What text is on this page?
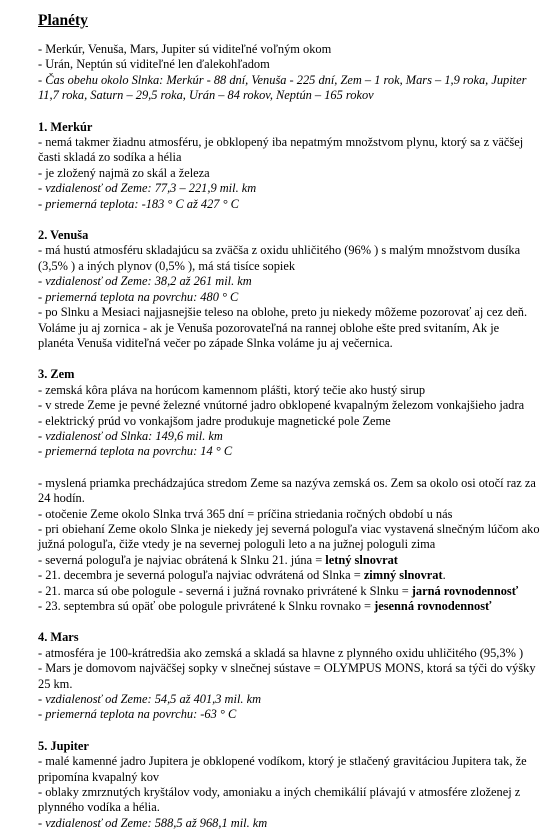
Planéty
- Merkúr, Venuša, Mars, Jupiter sú viditeľné voľným okom
- Urán, Neptún sú viditeľné len ďalekohľadom
- Čas obehu okolo Slnka: Merkúr - 88 dní, Venuša - 225 dní, Zem – 1 rok, Mars – 1,9 roka, Jupiter
11,7 roka, Saturn – 29,5 roka, Urán – 84 rokov, Neptún – 165 rokov
1. Merkúr
- nemá takmer žiadnu atmosféru, je obklopený iba nepatmým množstvom plynu, ktorý sa z väčšej
časti skladá zo sodíka a hélia
- je zložený najmä zo skál a železa
- vzdialenosť od Zeme: 77,3 – 221,9 mil. km
- priemerná teplota: -183 ° C až 427 ° C
2. Venuša
- má hustú atmosféru skladajúcu sa zväčša z oxidu uhličitého (96% ) s malým množstvom dusíka
(3,5% ) a iných plynov (0,5% ), má stá tisíce sopiek
- vzdialenosť od Zeme: 38,2 až 261 mil. km
- priemerná teplota na povrchu: 480 ° C
- po Slnku a Mesiaci najjasnejšie teleso na oblohe, preto ju niekedy môžeme pozorovať aj cez deň.
Voláme ju aj zornica - ak je Venuša pozorovateľná na rannej oblohe ešte pred svitaním, Ak je
planéta Venuša viditeľná večer po západe Slnka voláme ju aj večernica.
3. Zem
- zemská kôra pláva na horúcom kamennom plášti, ktorý tečie ako hustý sirup
- v strede Zeme je pevné železné vnútorné jadro obklopené kvapalným železom vonkajšieho jadra
- elektrický prúd vo vonkajšom jadre produkuje magnetické pole Zeme
- vzdialenosť od Slnka: 149,6 mil. km
- priemerná teplota na povrchu: 14 ° C
- myslená priamka prechádzajúca stredom Zeme sa nazýva zemská os. Zem sa okolo osi otočí raz za
24 hodín.
- otočenie Zeme okolo Slnka trvá 365 dní = príčina striedania ročných období u nás
- pri obiehaní Zeme okolo Slnka je niekedy jej severná pologuľa viac vystavená slnečným lúčom ako
južná pologuľa, čiže vtedy je na severnej pologuli leto a na južnej pologuli zima
- severná pologuľa je najviac obrátená k Slnku 21. júna = letný slnovrat
- 21. decembra je severná pologuľa najviac odvrátená od Slnka = zimný slnovrat.
- 21. marca sú obe pologule - severná i južná rovnako privrátené k Slnku = jarná rovnodennosť
- 23. septembra sú opäť obe pologule privrátené k Slnku rovnako = jesenná rovnodennosť
4. Mars
- atmosféra je 100-krátredšia ako zemská a skladá sa hlavne z plynného oxidu uhličitého (95,3% )
- Mars je domovom najväčšej sopky v slnečnej sústave = OLYMPUS MONS, ktorá sa týči do výšky
25 km.
- vzdialenosť od Zeme: 54,5 až 401,3 mil. km
- priemerná teplota na povrchu: -63 ° C
5. Jupiter
- malé kamenné jadro Jupitera je obklopené vodíkom, ktorý je stlačený gravitáciou Jupitera tak, že
pripomína kvapalný kov
- oblaky zmrznutých kryštálov vody, amoniaku a iných chemikálií plávajú v atmosfére zloženej z
plynného vodíka a hélia.
- vzdialenosť od Zeme: 588,5 až 968,1 mil. km
